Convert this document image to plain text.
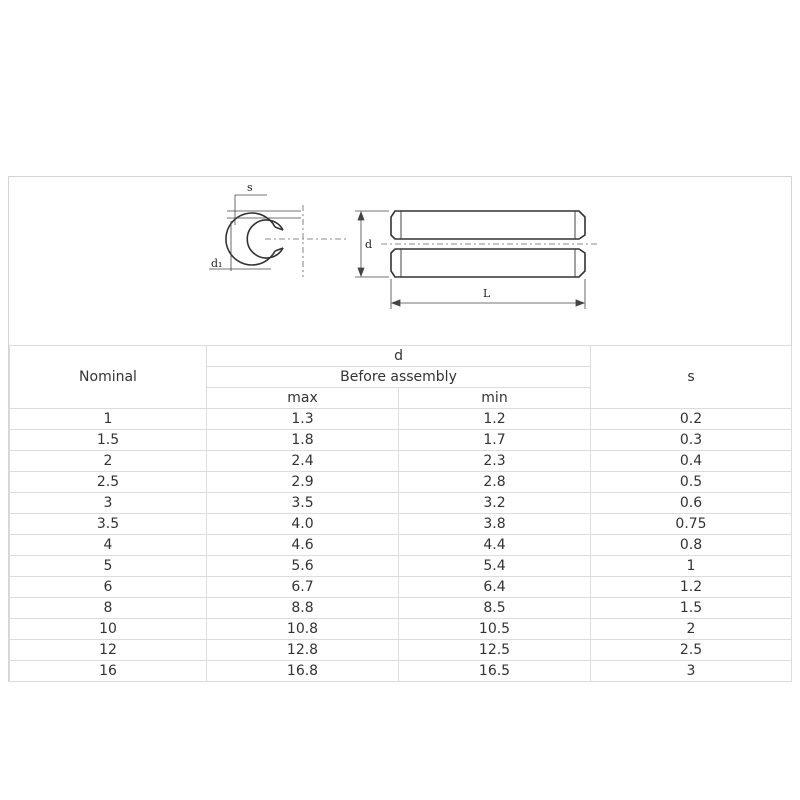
s
d₁
d
L
Nominal	d		s
	Before assembly		
	max	min	
1	1.3	1.2	0.2
1.5	1.8	1.7	0.3
2	2.4	2.3	0.4
2.5	2.9	2.8	0.5
3	3.5	3.2	0.6
3.5	4.0	3.8	0.75
4	4.6	4.4	0.8
5	5.6	5.4	1
6	6.7	6.4	1.2
8	8.8	8.5	1.5
10	10.8	10.5	2
12	12.8	12.5	2.5
16	16.8	16.5	3
